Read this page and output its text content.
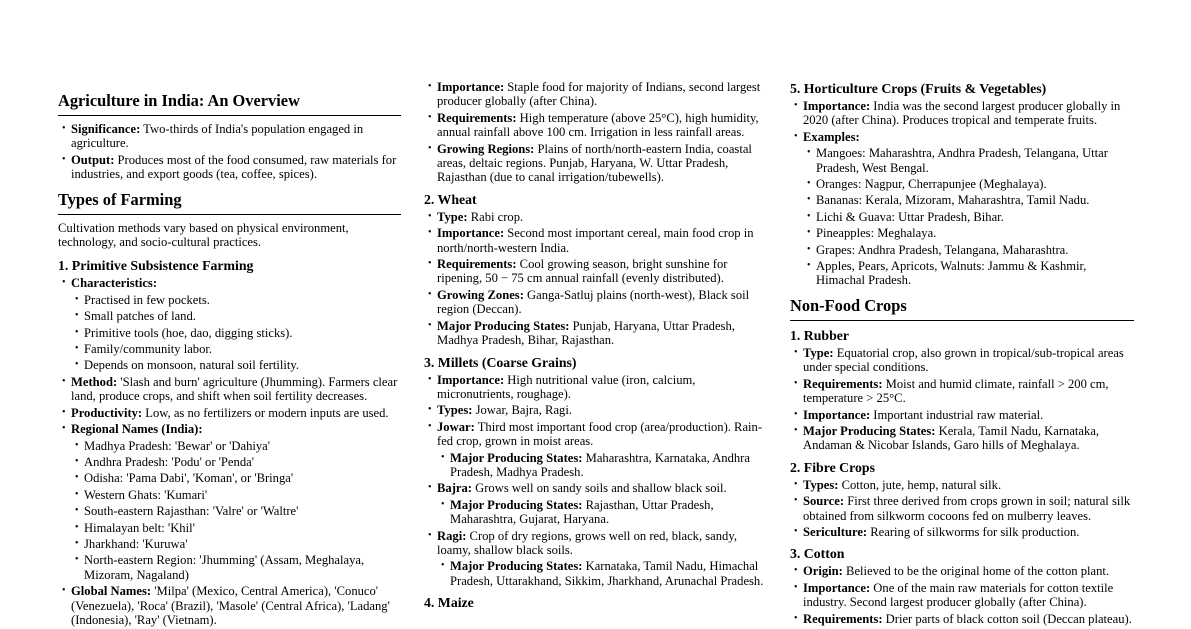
Agriculture in India: An Overview
• Significance: Two-thirds of India's population engaged in agriculture.
• Output: Produces most of the food consumed, raw materials for industries, and export goods (tea, coffee, spices).
Types of Farming

Cultivation methods vary based on physical environment, technology, and socio-cultural practices.

1. Primitive Subsistence Farming
• Characteristics:
• Practised in few pockets.
• Small patches of land.
• Primitive tools (hoe, dao, digging sticks).
• Family/community labor.
• Depends on monsoon, natural soil fertility.
• Method: 'Slash and burn' agriculture (Jhumming). Farmers clear land, produce crops, and shift when soil fertility decreases.
• Productivity: Low, as no fertilizers or modern inputs are used.
• Regional Names (India):
• Madhya Pradesh: 'Bewar' or 'Dahiya'
• Andhra Pradesh: 'Podu' or 'Penda'
• Odisha: 'Pama Dabi', 'Koman', or 'Bringa'
• Western Ghats: 'Kumari'
• South-eastern Rajasthan: 'Valre' or 'Waltre'
• Himalayan belt: 'Khil'
• Jharkhand: 'Kuruwa'
• North-eastern Region: 'Jhumming' (Assam, Meghalaya, Mizoram, Nagaland)
• Global Names: 'Milpa' (Mexico, Central America), 'Conuco' (Venezuela), 'Roca' (Brazil), 'Masole' (Central Africa), 'Ladang' (Indonesia), 'Ray' (Vietnam).
• Importance: Staple food for majority of Indians, second largest producer globally (after China).
• Requirements: High temperature (above 25°C), high humidity, annual rainfall above 100 cm. Irrigation in less rainfall areas.
• Growing Regions: Plains of north/north-eastern India, coastal areas, deltaic regions. Punjab, Haryana, W. Uttar Pradesh, Rajasthan (due to canal irrigation/tubewells).
2. Wheat
• Type: Rabi crop.
• Importance: Second most important cereal, main food crop in north/north-western India.
• Requirements: Cool growing season, bright sunshine for ripening, 50 − 75 cm annual rainfall (evenly distributed).
• Growing Zones: Ganga-Satluj plains (north-west), Black soil region (Deccan).
• Major Producing States: Punjab, Haryana, Uttar Pradesh, Madhya Pradesh, Bihar, Rajasthan.
3. Millets (Coarse Grains)
• Importance: High nutritional value (iron, calcium, micronutrients, roughage).
• Types: Jowar, Bajra, Ragi.
• Jowar: Third most important food crop (area/production). Rain-fed crop, grown in moist areas.
• Major Producing States: Maharashtra, Karnataka, Andhra Pradesh, Madhya Pradesh.
• Bajra: Grows well on sandy soils and shallow black soil.
• Major Producing States: Rajasthan, Uttar Pradesh, Maharashtra, Gujarat, Haryana.
• Ragi: Crop of dry regions, grows well on red, black, sandy, loamy, shallow black soils.
• Major Producing States: Karnataka, Tamil Nadu, Himachal Pradesh, Uttarakhand, Sikkim, Jharkhand, Arunachal Pradesh.
4. Maize
5. Horticulture Crops (Fruits & Vegetables)
• Importance: India was the second largest producer globally in 2020 (after China). Produces tropical and temperate fruits.
• Examples:
• Mangoes: Maharashtra, Andhra Pradesh, Telangana, Uttar Pradesh, West Bengal.
• Oranges: Nagpur, Cherrapunjee (Meghalaya).
• Bananas: Kerala, Mizoram, Maharashtra, Tamil Nadu.
• Lichi & Guava: Uttar Pradesh, Bihar.
• Pineapples: Meghalaya.
• Grapes: Andhra Pradesh, Telangana, Maharashtra.
• Apples, Pears, Apricots, Walnuts: Jammu & Kashmir, Himachal Pradesh.
Non-Food Crops
1. Rubber
• Type: Equatorial crop, also grown in tropical/sub-tropical areas under special conditions.
• Requirements: Moist and humid climate, rainfall > 200 cm, temperature > 25°C.
• Importance: Important industrial raw material.
• Major Producing States: Kerala, Tamil Nadu, Karnataka, Andaman & Nicobar Islands, Garo hills of Meghalaya.
2. Fibre Crops
• Types: Cotton, jute, hemp, natural silk.
• Source: First three derived from crops grown in soil; natural silk obtained from silkworm cocoons fed on mulberry leaves.
• Sericulture: Rearing of silkworms for silk production.
3. Cotton
• Origin: Believed to be the original home of the cotton plant.
• Importance: One of the main raw materials for cotton textile industry. Second largest producer globally (after China).
• Requirements: Drier parts of black cotton soil (Deccan plateau).
